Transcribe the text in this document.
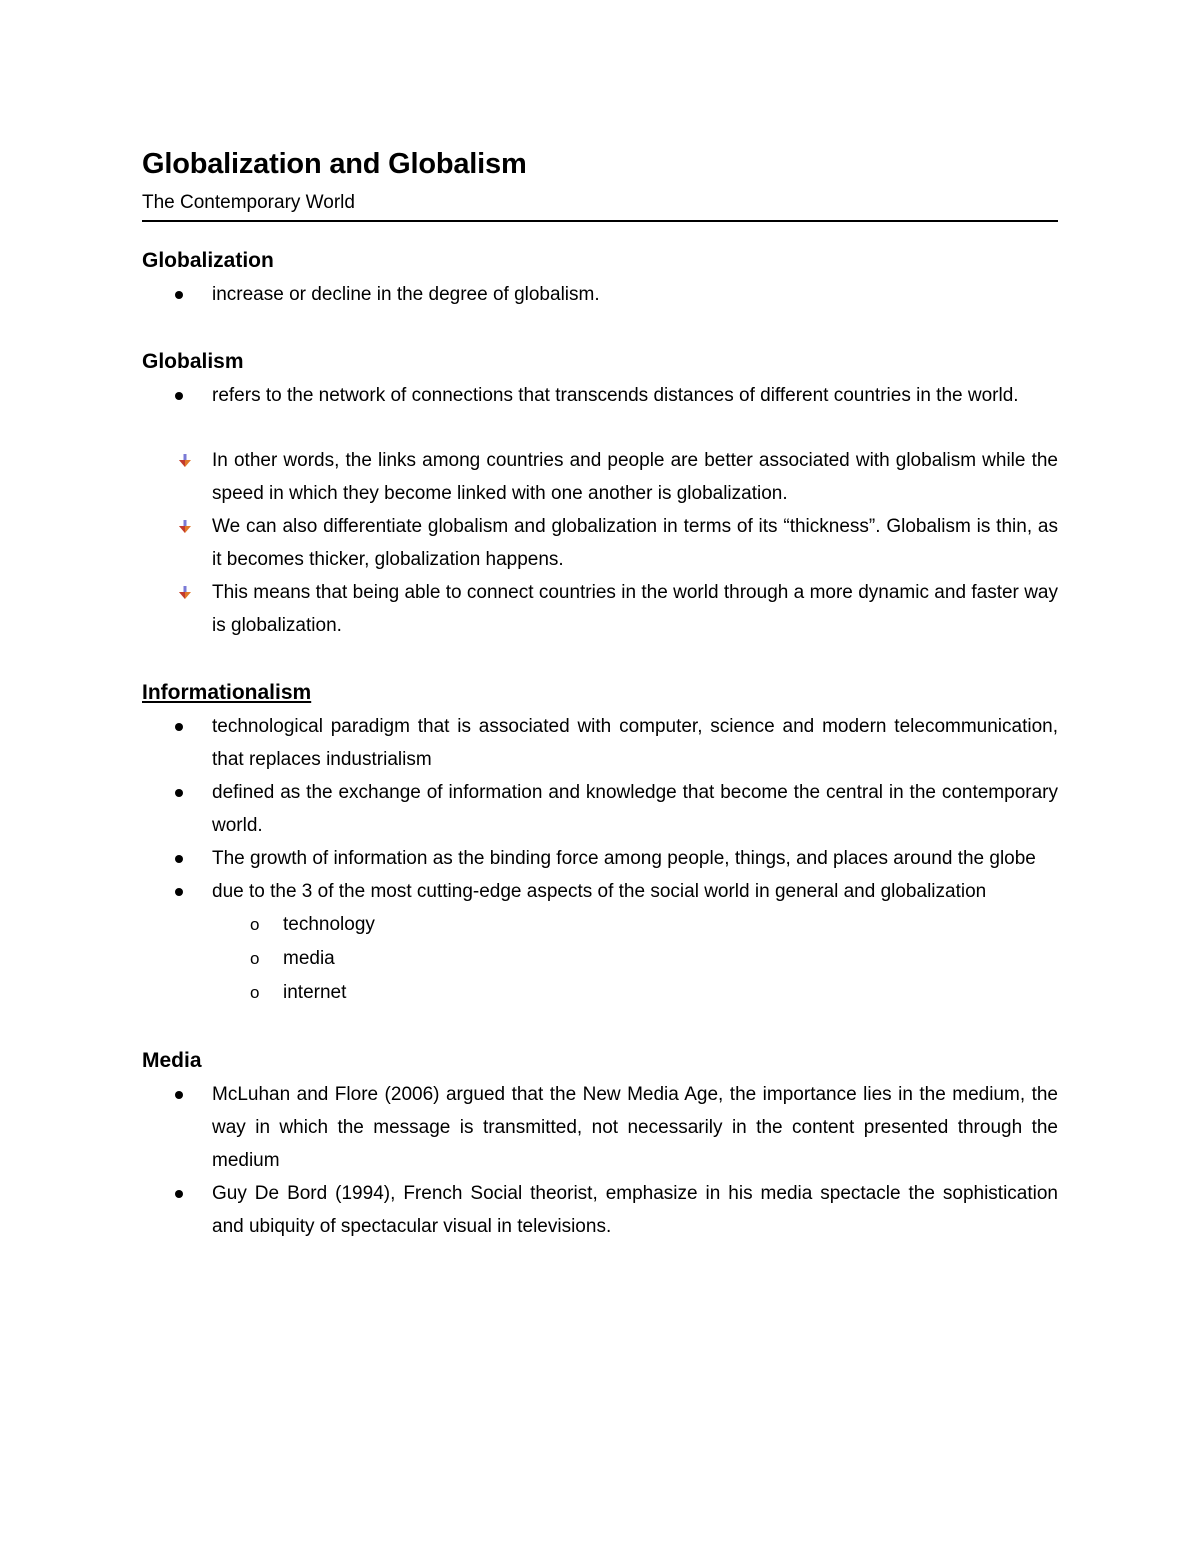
Globalization and Globalism

The Contemporary World

Globalization
increase or decline in the degree of globalism.
Globalism
refers to the network of connections that transcends distances of different countries in the world.
In other words, the links among countries and people are better associated with globalism while the speed in which they become linked with one another is globalization.
We can also differentiate globalism and globalization in terms of its “thickness”. Globalism is thin, as it becomes thicker, globalization happens.
This means that being able to connect countries in the world through a more dynamic and faster way is globalization.
Informationalism
technological paradigm that is associated with computer, science and modern telecommunication, that replaces industrialism
defined as the exchange of information and knowledge that become the central in the contemporary world.
The growth of information as the binding force among people, things, and places around the globe
due to the 3 of the most cutting-edge aspects of the social world in general and globalization
o technology
o media
o internet
Media
McLuhan and Flore (2006) argued that the New Media Age, the importance lies in the medium, the way in which the message is transmitted, not necessarily in the content presented through the medium
Guy De Bord (1994), French Social theorist, emphasize in his media spectacle the sophistication and ubiquity of spectacular visual in televisions.
